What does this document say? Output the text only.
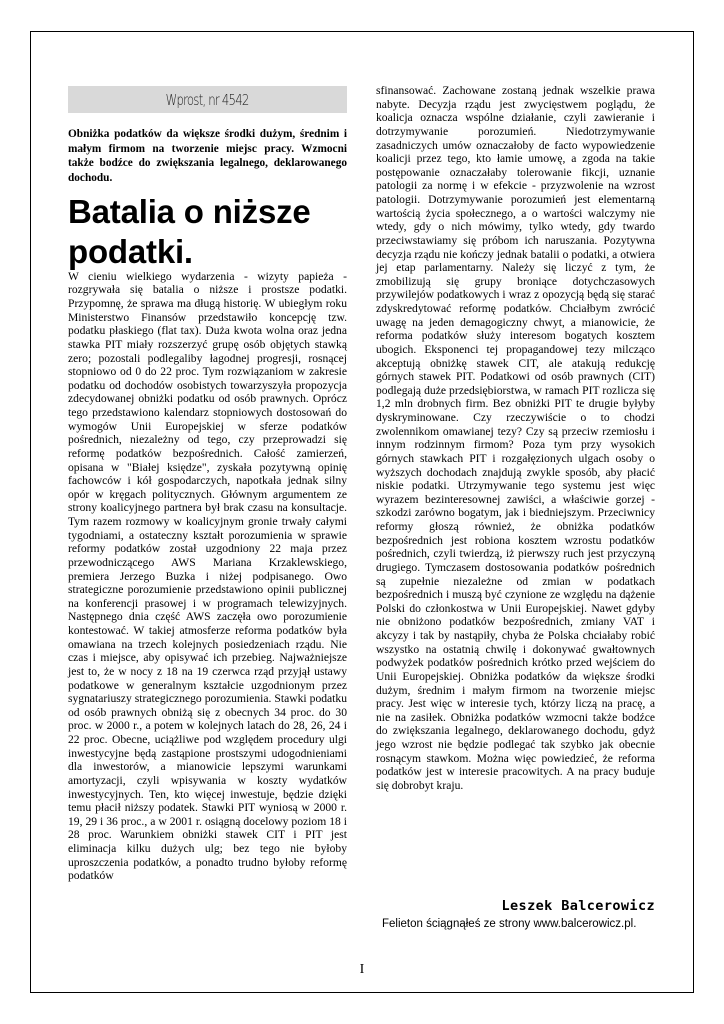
Wprost, nr 4542
Obniżka podatków da większe środki dużym, średnim i małym firmom na tworzenie miejsc pracy. Wzmocni także bodźce do zwiększania legalnego, deklarowanego dochodu.
Batalia o niższe podatki.

W cieniu wielkiego wydarzenia - wizyty papieża - rozgrywała się batalia o niższe i prostsze podatki. Przypomnę, że sprawa ma długą historię. W ubiegłym roku Ministerstwo Finansów przedstawiło koncepcję tzw. podatku płaskiego (flat tax). Duża kwota wolna oraz jedna stawka PIT miały rozszerzyć grupę osób objętych stawką zero; pozostali podlegaliby łagodnej progresji, rosnącej stopniowo od 0 do 22 proc. Tym rozwiązaniom w zakresie podatku od dochodów osobistych towarzyszyła propozycja zdecydowanej obniżki podatku od osób prawnych. Oprócz tego przedstawiono kalendarz stopniowych dostosowań do wymogów Unii Europejskiej w sferze podatków pośrednich, niezależny od tego, czy przeprowadzi się reformę podatków bezpośrednich. Całość zamierzeń, opisana w "Białej księdze", zyskała pozytywną opinię fachowców i kół gospodarczych, napotkała jednak silny opór w kręgach politycznych. Głównym argumentem ze strony koalicyjnego partnera był brak czasu na konsultacje. Tym razem rozmowy w koalicyjnym gronie trwały całymi tygodniami, a ostateczny kształt porozumienia w sprawie reformy podatków został uzgodniony 22 maja przez przewodniczącego AWS Mariana Krzaklewskiego, premiera Jerzego Buzka i niżej podpisanego. Owo strategiczne porozumienie przedstawiono opinii publicznej na konferencji prasowej i w programach telewizyjnych. Następnego dnia część AWS zaczęła owo porozumienie kontestować. W takiej atmosferze reforma podatków była omawiana na trzech kolejnych posiedzeniach rządu. Nie czas i miejsce, aby opisywać ich przebieg. Najważniejsze jest to, że w nocy z 18 na 19 czerwca rząd przyjął ustawy podatkowe w generalnym kształcie uzgodnionym przez sygnatariuszy strategicznego porozumienia. Stawki podatku od osób prawnych obniżą się z obecnych 34 proc. do 30 proc. w 2000 r., a potem w kolejnych latach do 28, 26, 24 i 22 proc. Obecne, uciążliwe pod względem procedury ulgi inwestycyjne będą zastąpione prostszymi udogodnieniami dla inwestorów, a mianowicie lepszymi warunkami amortyzacji, czyli wpisywania w koszty wydatków inwestycyjnych. Ten, kto więcej inwestuje, będzie dzięki temu płacił niższy podatek. Stawki PIT wyniosą w 2000 r. 19, 29 i 36 proc., a w 2001 r. osiągną docelowy poziom 18 i 28 proc. Warunkiem obniżki stawek CIT i PIT jest eliminacja kilku dużych ulg; bez tego nie byłoby uproszczenia podatków, a ponadto trudno byłoby reformę podatków

sfinansować. Zachowane zostaną jednak wszelkie prawa nabyte. Decyzja rządu jest zwycięstwem poglądu, że koalicja oznacza wspólne działanie, czyli zawieranie i dotrzymywanie porozumień. Niedotrzymywanie zasadniczych umów oznaczałoby de facto wypowiedzenie koalicji przez tego, kto łamie umowę, a zgoda na takie postępowanie oznaczałaby tolerowanie fikcji, uznanie patologii za normę i w efekcie - przyzwolenie na wzrost patologii. Dotrzymywanie porozumień jest elementarną wartością życia społecznego, a o wartości walczymy nie wtedy, gdy o nich mówimy, tylko wtedy, gdy twardo przeciwstawiamy się próbom ich naruszania. Pozytywna decyzja rządu nie kończy jednak batalii o podatki, a otwiera jej etap parlamentarny. Należy się liczyć z tym, że zmobilizują się grupy broniące dotychczasowych przywilejów podatkowych i wraz z opozycją będą się starać zdyskredytować reformę podatków. Chciałbym zwrócić uwagę na jeden demagogiczny chwyt, a mianowicie, że reforma podatków służy interesom bogatych kosztem ubogich. Eksponenci tej propagandowej tezy milcząco akceptują obniżkę stawek CIT, ale atakują redukcję górnych stawek PIT. Podatkowi od osób prawnych (CIT) podlegają duże przedsiębiorstwa, w ramach PIT rozlicza się 1,2 mln drobnych firm. Bez obniżki PIT te drugie byłyby dyskryminowane. Czy rzeczywiście o to chodzi zwolennikom omawianej tezy? Czy są przeciw rzemiosłu i innym rodzinnym firmom? Poza tym przy wysokich górnych stawkach PIT i rozgałęzionych ulgach osoby o wyższych dochodach znajdują zwykle sposób, aby płacić niskie podatki. Utrzymywanie tego systemu jest więc wyrazem bezinteresownej zawiści, a właściwie gorzej - szkodzi zarówno bogatym, jak i biedniejszym. Przeciwnicy reformy głoszą również, że obniżka podatków bezpośrednich jest robiona kosztem wzrostu podatków pośrednich, czyli twierdzą, iż pierwszy ruch jest przyczyną drugiego. Tymczasem dostosowania podatków pośrednich są zupełnie niezależne od zmian w podatkach bezpośrednich i muszą być czynione ze względu na dążenie Polski do członkostwa w Unii Europejskiej. Nawet gdyby nie obniżono podatków bezpośrednich, zmiany VAT i akcyzy i tak by nastąpiły, chyba że Polska chciałaby robić wszystko na ostatnią chwilę i dokonywać gwałtownych podwyżek podatków pośrednich krótko przed wejściem do Unii Europejskiej. Obniżka podatków da większe środki dużym, średnim i małym firmom na tworzenie miejsc pracy. Jest więc w interesie tych, którzy liczą na pracę, a nie na zasiłek. Obniżka podatków wzmocni także bodźce do zwiększania legalnego, deklarowanego dochodu, gdyż jego wzrost nie będzie podlegać tak szybko jak obecnie rosnącym stawkom. Można więc powiedzieć, że reforma podatków jest w interesie pracowitych. A na pracy buduje się dobrobyt kraju.

Leszek Balcerowicz
Felieton ściągnąłeś ze strony www.balcerowicz.pl.
I
